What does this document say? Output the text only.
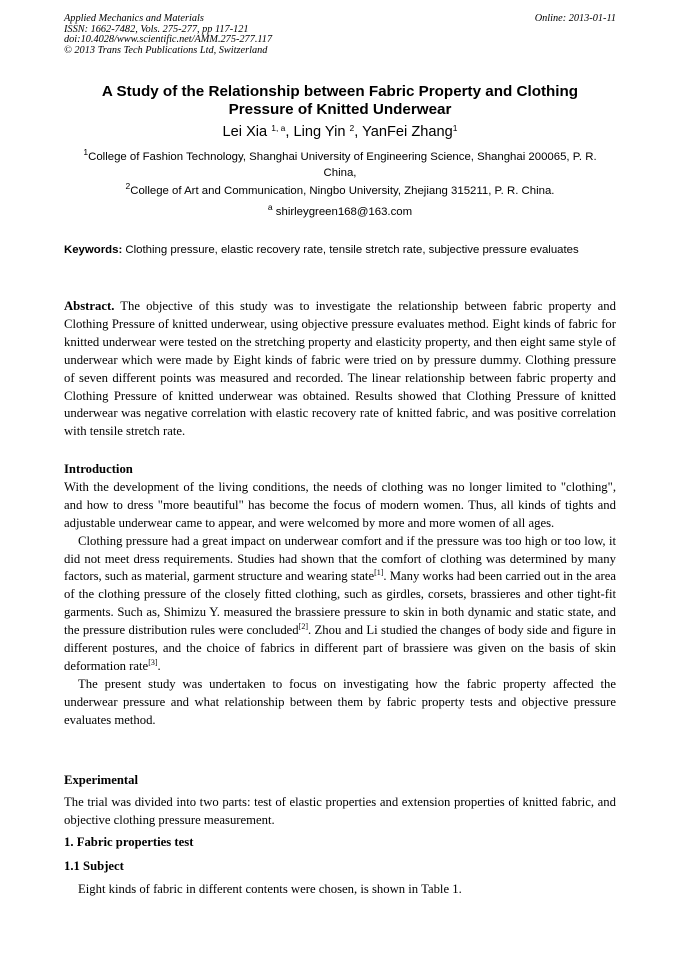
Applied Mechanics and Materials	Online: 2013-01-11
ISSN: 1662-7482, Vols. 275-277, pp 117-121
doi:10.4028/www.scientific.net/AMM.275-277.117
© 2013 Trans Tech Publications Ltd, Switzerland
A Study of the Relationship between Fabric Property and Clothing
Pressure of Knitted Underwear
Lei Xia $^{1, a}$, Ling Yin $^2$, YanFei Zhang$^1$
$^1$College of Fashion Technology, Shanghai University of Engineering Science, Shanghai 200065, P. R. China,
$^2$College of Art and Communication, Ningbo University, Zhejiang 315211, P. R. China.
$^a$ shirleygreen168@163.com
Keywords: Clothing pressure, elastic recovery rate, tensile stretch rate, subjective pressure evaluates

Abstract. The objective of this study was to investigate the relationship between fabric property and Clothing Pressure of knitted underwear, using objective pressure evaluates method. Eight kinds of fabric for knitted underwear were tested on the stretching property and elasticity property, and then eight same style of underwear which were made by Eight kinds of fabric were tried on by pressure dummy. Clothing pressure of seven different points was measured and recorded. The linear relationship between fabric property and Clothing Pressure of knitted underwear was obtained. Results showed that Clothing Pressure of knitted underwear was negative correlation with elastic recovery rate of knitted fabric, and was positive correlation with tensile stretch rate.

Introduction

With the development of the living conditions, the needs of clothing was no longer limited to "clothing", and how to dress "more beautiful" has become the focus of modern women. Thus, all kinds of tights and adjustable underwear came to appear, and were welcomed by more and more women of all ages.

Clothing pressure had a great impact on underwear comfort and if the pressure was too high or too low, it did not meet dress requirements. Studies had shown that the comfort of clothing was determined by many factors, such as material, garment structure and wearing state[1]. Many works had been carried out in the area of the clothing pressure of the closely fitted clothing, such as girdles, corsets, brassieres and other tight-fit garments. Such as, Shimizu Y. measured the brassiere pressure to skin in both dynamic and static state, and the pressure distribution rules were concluded[2]. Zhou and Li studied the changes of body side and figure in different postures, and the choice of fabrics in different part of brassiere was given on the basis of skin deformation rate[3].

The present study was undertaken to focus on investigating how the fabric property affected the underwear pressure and what relationship between them by fabric property tests and objective pressure evaluates method.

Experimental

The trial was divided into two parts: test of elastic properties and extension properties of knitted fabric, and objective clothing pressure measurement.

1. Fabric properties test

1.1 Subject

Eight kinds of fabric in different contents were chosen, is shown in Table 1.
